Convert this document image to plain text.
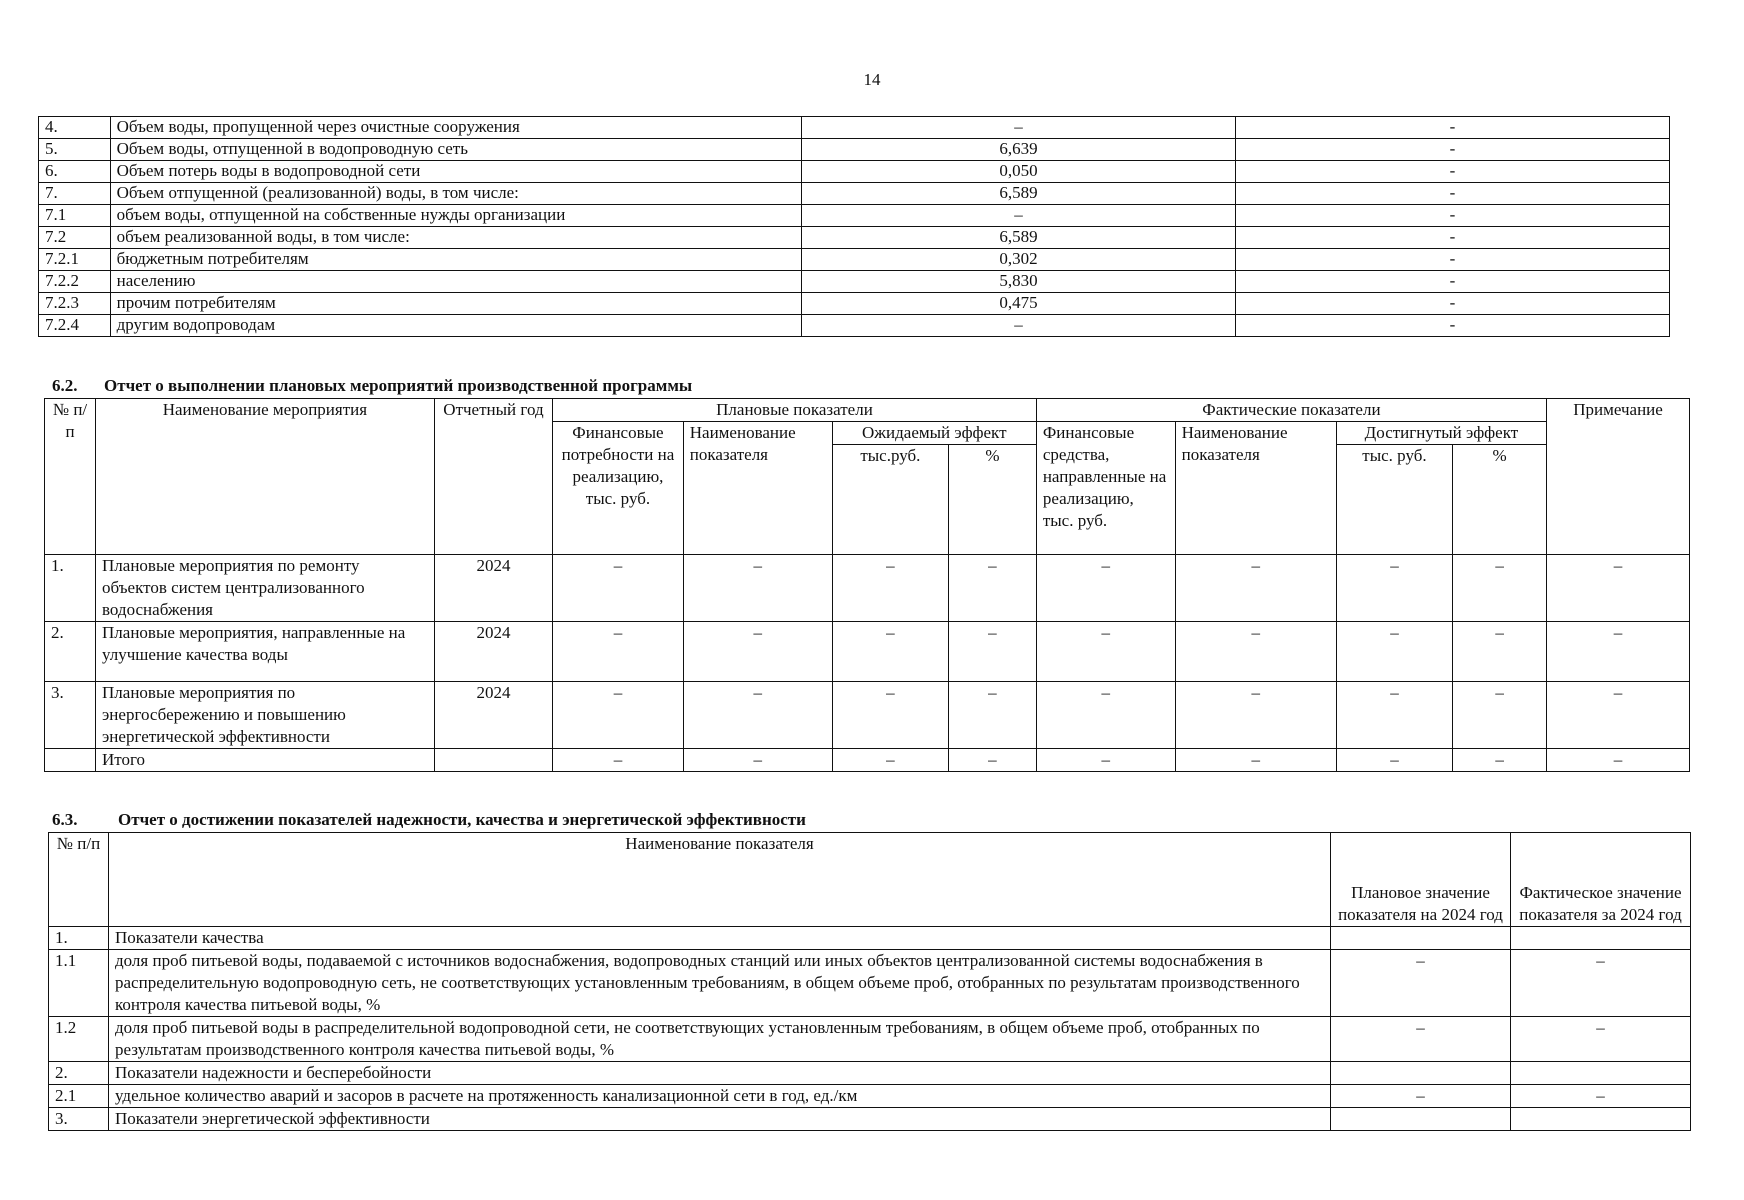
14
4.	Объем воды, пропущенной через очистные сооружения	–	-
5.	Объем воды, отпущенной в водопроводную сеть	6,639	-
6.	Объем потерь воды в водопроводной сети	0,050	-
7.	Объем отпущенной (реализованной) воды, в том числе:	6,589	-
7.1	объем воды, отпущенной на собственные нужды организации	–	-
7.2	объем реализованной воды, в том числе:	6,589	-
7.2.1	бюджетным потребителям	0,302	-
7.2.2	населению	5,830	-
7.2.3	прочим потребителям	0,475	-
7.2.4	другим водопроводам	–	-
6.2. Отчет о выполнении плановых мероприятий производственной программы
№ п/п	Наименование мероприятия	Отчетный год	Плановые показатели				Фактические показатели				Примечание
			Финансовые потребности на реализацию, тыс. руб.	Наименование показателя	Ожидаемый эффект		Финансовые средства, направленные на реализацию, тыс. руб.	Наименование показателя	Достигнутый эффект		
					тыс.руб.	%			тыс. руб.	%	
1.	Плановые мероприятия по ремонту объектов систем централизованного водоснабжения	2024	–	–	–	–	–	–	–	–	–
2.	Плановые мероприятия, направленные на улучшение качества воды	2024	–	–	–	–	–	–	–	–	–
3.	Плановые мероприятия по энергосбережению и повышению энергетической эффективности	2024	–	–	–	–	–	–	–	–	–
	Итого		–	–	–	–	–	–	–	–	–
6.3. Отчет о достижении показателей надежности, качества и энергетической эффективности
№ п/п	Наименование показателя	Плановое значение показателя на 2024 год	Фактическое значение показателя за 2024 год
1.	Показатели качества		
1.1	доля проб питьевой воды, подаваемой с источников водоснабжения, водопроводных станций или иных объектов централизованной системы водоснабжения в распределительную водопроводную сеть, не соответствующих установленным требованиям, в общем объеме проб, отобранных по результатам производственного контроля качества питьевой воды, %	–	–
1.2	доля проб питьевой воды в распределительной водопроводной сети, не соответствующих установленным требованиям, в общем объеме проб, отобранных по результатам производственного контроля качества питьевой воды, %	–	–
2.	Показатели надежности и бесперебойности		
2.1	удельное количество аварий и засоров в расчете на протяженность канализационной сети в год, ед./км	–	–
3.	Показатели энергетической эффективности		
